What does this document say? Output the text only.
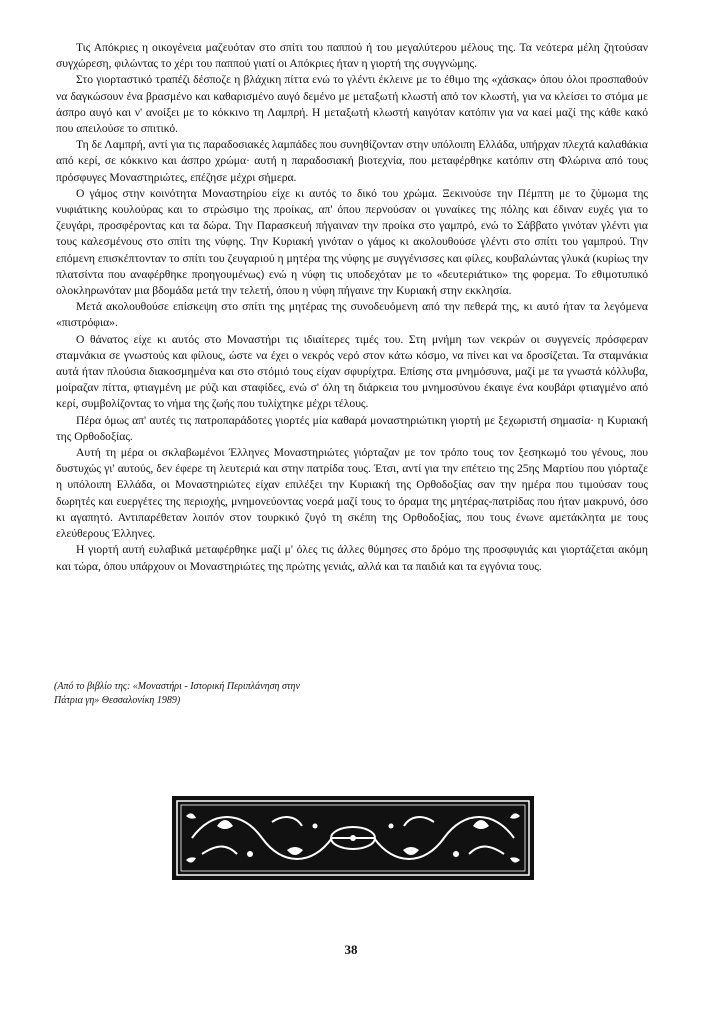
Τις Απόκριες η οικογένεια μαζευόταν στο σπίτι του παππού ή του μεγαλύτερου μέλους της. Τα νεότερα μέλη ζητούσαν συγχώρεση, φιλώντας το χέρι του παππού γιατί οι Απόκριες ήταν η γιορτή της συγγνώμης.

Στο γιορταστικό τραπέζι δέσποζε η βλάχικη πίττα ενώ το γλέντι έκλεινε με το έθιμο της «χάσκας» όπου όλοι προσπαθούν να δαγκώσουν ένα βρασμένο και καθαρισμένο αυγό δεμένο με μεταξωτή κλωστή από τον κλωστή, για να κλείσει το στόμα με άσπρο αυγό και ν' ανοίξει με το κόκκινο τη Λαμπρή. Η μεταξωτή κλωστή καιγόταν κατόπιν για να καεί μαζί της κάθε κακό που απειλούσε το σπιτικό.

Τη δε Λαμπρή, αντί για τις παραδοσιακές λαμπάδες που συνηθίζονταν στην υπόλοιπη Ελλάδα, υπήρχαν πλεχτά καλαθάκια από κερί, σε κόκκινο και άσπρο χρώμα· αυτή η παραδοσιακή βιοτεχνία, που μεταφέρθηκε κατόπιν στη Φλώρινα από τους πρόσφυγες Μοναστηριώτες, επέζησε μέχρι σήμερα.

Ο γάμος στην κοινότητα Μοναστηρίου είχε κι αυτός το δικό του χρώμα. Ξεκινούσε την Πέμπτη με το ζύμωμα της νυφιάτικης κουλούρας και το στρώσιμο της προίκας, απ' όπου περνούσαν οι γυναίκες της πόλης και έδιναν ευχές για το ζευγάρι, προσφέροντας και τα δώρα. Την Παρασκευή πήγαιναν την προίκα στο γαμπρό, ενώ το Σάββατο γινόταν γλέντι για τους καλεσμένους στο σπίτι της νύφης. Την Κυριακή γινόταν ο γάμος κι ακολουθούσε γλέντι στο σπίτι του γαμπρού. Την επόμενη επισκέπτονταν το σπίτι του ζευγαριού η μητέρα της νύφης με συγγένισσες και φίλες, κουβαλώντας γλυκά (κυρίως την πλατσίντα που αναφέρθηκε προηγουμένως) ενώ η νύφη τις υποδεχόταν με το «δευτεριάτικο» της φορεμα. Το εθιμοτυπικό ολοκληρωνόταν μια βδομάδα μετά την τελετή, όπου η νύφη πήγαινε την Κυριακή στην εκκλησία.

Μετά ακολουθούσε επίσκεψη στο σπίτι της μητέρας της συνοδευόμενη από την πεθερά της, κι αυτό ήταν τα λεγόμενα «πιστρόφια».

Ο θάνατος είχε κι αυτός στο Μοναστήρι τις ιδιαίτερες τιμές του. Στη μνήμη των νεκρών οι συγγενείς πρόσφεραν σταμνάκια σε γνωστούς και φίλους, ώστε να έχει ο νεκρός νερό στον κάτω κόσμο, να πίνει και να δροσίζεται. Τα σταμνάκια αυτά ήταν πλούσια διακοσμημένα και στο στόμιό τους είχαν σφυρίχτρα. Επίσης στα μνημόσυνα, μαζί με τα γνωστά κόλλυβα, μοίραζαν πίττα, φτιαγμένη με ρύζι και σταφίδες, ενώ σ' όλη τη διάρκεια του μνημοσύνου έκαιγε ένα κουβάρι φτιαγμένο από κερί, συμβολίζοντας το νήμα της ζωής που τυλίχτηκε μέχρι τέλους.

Πέρα όμως απ' αυτές τις πατροπαράδοτες γιορτές μία καθαρά μοναστηριώτικη γιορτή με ξεχωριστή σημασία· η Κυριακή της Ορθοδοξίας.

Αυτή τη μέρα οι σκλαβωμένοι Έλληνες Μοναστηριώτες γιόρταζαν με τον τρόπο τους τον ξεσηκωμό του γένους, που δυστυχώς γι' αυτούς, δεν έφερε τη λευτεριά και στην πατρίδα τους. Έτσι, αντί για την επέτειο της 25ης Μαρτίου που γιόρταζε η υπόλοιπη Ελλάδα, οι Μοναστηριώτες είχαν επιλέξει την Κυριακή της Ορθοδοξίας σαν την ημέρα που τιμούσαν τους δωρητές και ευεργέτες της περιοχής, μνημονεύοντας νοερά μαζί τους το όραμα της μητέρας-πατρίδας που ήταν μακρυνό, όσο κι αγαπητό. Αντιπαρέθεταν λοιπόν στον τουρκικό ζυγό τη σκέπη της Ορθοδοξίας, που τους ένωνε αμετάκλητα με τους ελεύθερους Έλληνες.

Η γιορτή αυτή ευλαβικά μεταφέρθηκε μαζί μ' όλες τις άλλες θύμησες στο δρόμο της προσφυγιάς και γιορτάζεται ακόμη και τώρα, όπου υπάρχουν οι Μοναστηριώτες της πρώτης γενιάς, αλλά και τα παιδιά και τα εγγόνια τους.

(Από το βιβλίο της: «Μοναστήρι - Ιστορική Περιπλάνηση στην Πάτρια γη» Θεσσαλονίκη 1989)
38
